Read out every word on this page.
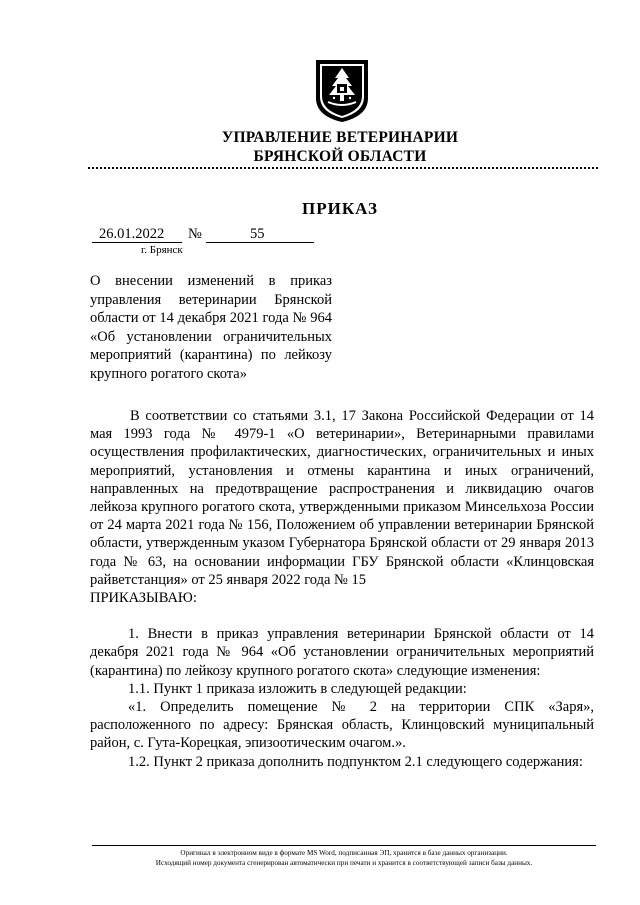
УПРАВЛЕНИЕ ВЕТЕРИНАРИИ
БРЯНСКОЙ ОБЛАСТИ
ПРИКАЗ
26.01.2022 №	55
г. Брянск
О внесении изменений в приказ управления ветеринарии Брянской области от 14 декабря 2021 года № 964 «Об установлении ограничительных мероприятий (карантина) по лейкозу крупного рогатого скота»

В соответствии со статьями 3.1, 17 Закона Российской Федерации от 14 мая 1993 года № 4979-1 «О ветеринарии», Ветеринарными правилами осуществления профилактических, диагностических, ограничительных и иных мероприятий, установления и отмены карантина и иных ограничений, направленных на предотвращение распространения и ликвидацию очагов лейкоза крупного рогатого скота, утвержденными приказом Минсельхоза России от 24 марта 2021 года № 156, Положением об управлении ветеринарии Брянской области, утвержденным указом Губернатора Брянской области от 29 января 2013 года № 63, на основании информации ГБУ Брянской области «Клинцовская райветстанция» от 25 января 2022 года № 15

ПРИКАЗЫВАЮ:

1. Внести в приказ управления ветеринарии Брянской области от 14 декабря 2021 года № 964 «Об установлении ограничительных мероприятий (карантина) по лейкозу крупного рогатого скота» следующие изменения:

1.1. Пункт 1 приказа изложить в следующей редакции:

«1. Определить помещение № 2 на территории СПК «Заря», расположенного по адресу: Брянская область, Клинцовский муниципальный район, с. Гута-Корецкая, эпизоотическим очагом.».

1.2. Пункт 2 приказа дополнить подпунктом 2.1 следующего содержания:

Оригинал в электронном виде в формате MS Word, подписанная ЭП, хранится в базе данных организации.
Исходящий номер документа сгенерирован автоматически при печати и хранится в соответствующей записи базы данных.
